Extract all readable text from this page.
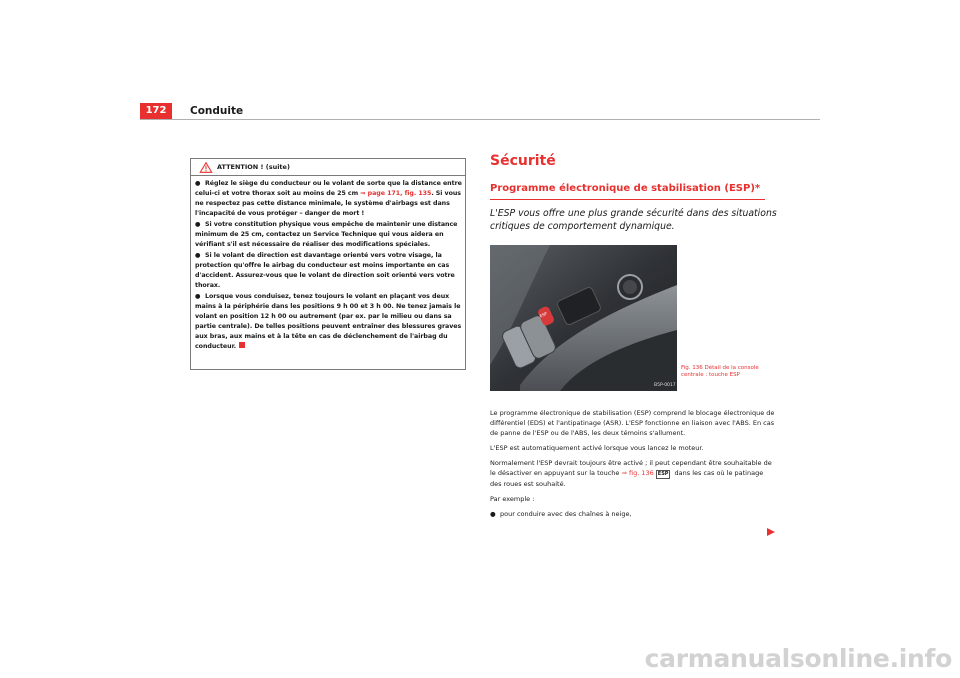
172	Conduite
ATTENTION ! (suite)

● Réglez le siège du conducteur ou le volant de sorte que la distance entre celui-ci et votre thorax soit au moins de 25 cm ⇒ page 171, fig. 135. Si vous ne respectez pas cette distance minimale, le système d'airbags est dans l'incapacité de vous protéger – danger de mort !

● Si votre constitution physique vous empêche de maintenir une distance minimum de 25 cm, contactez un Service Technique qui vous aidera en vérifiant s'il est nécessaire de réaliser des modifications spéciales.

● Si le volant de direction est davantage orienté vers votre visage, la protection qu'offre le airbag du conducteur est moins importante en cas d'accident. Assurez-vous que le volant de direction soit orienté vers votre thorax.

● Lorsque vous conduisez, tenez toujours le volant en plaçant vos deux mains à la périphérie dans les positions 9 h 00 et 3 h 00. Ne tenez jamais le volant en position 12 h 00 ou autrement (par ex. par le milieu ou dans sa partie centrale). De telles positions peuvent entraîner des blessures graves aux bras, aux mains et à la tête en cas de déclenchement de l'airbag du conducteur.

Sécurité
Programme électronique de stabilisation (ESP)*

L'ESP vous offre une plus grande sécurité dans des situations critiques de comportement dynamique.

B5P-0017
ESP
Fig. 136 Détail de la console centrale : touche ESP

Le programme électronique de stabilisation (ESP) comprend le blocage électronique de différentiel (EDS) et l'antipatinage (ASR). L'ESP fonctionne en liaison avec l'ABS. En cas de panne de l'ESP ou de l'ABS, les deux témoins s'allument.

L'ESP est automatiquement activé lorsque vous lancez le moteur.

Normalement l'ESP devrait toujours être activé ; il peut cependant être souhaitable de le désactiver en appuyant sur la touche ⇒ fig. 136 ESP dans les cas où le patinage des roues est souhaité.

Par exemple :

● pour conduire avec des chaînes à neige,

carmanualsonline.info
